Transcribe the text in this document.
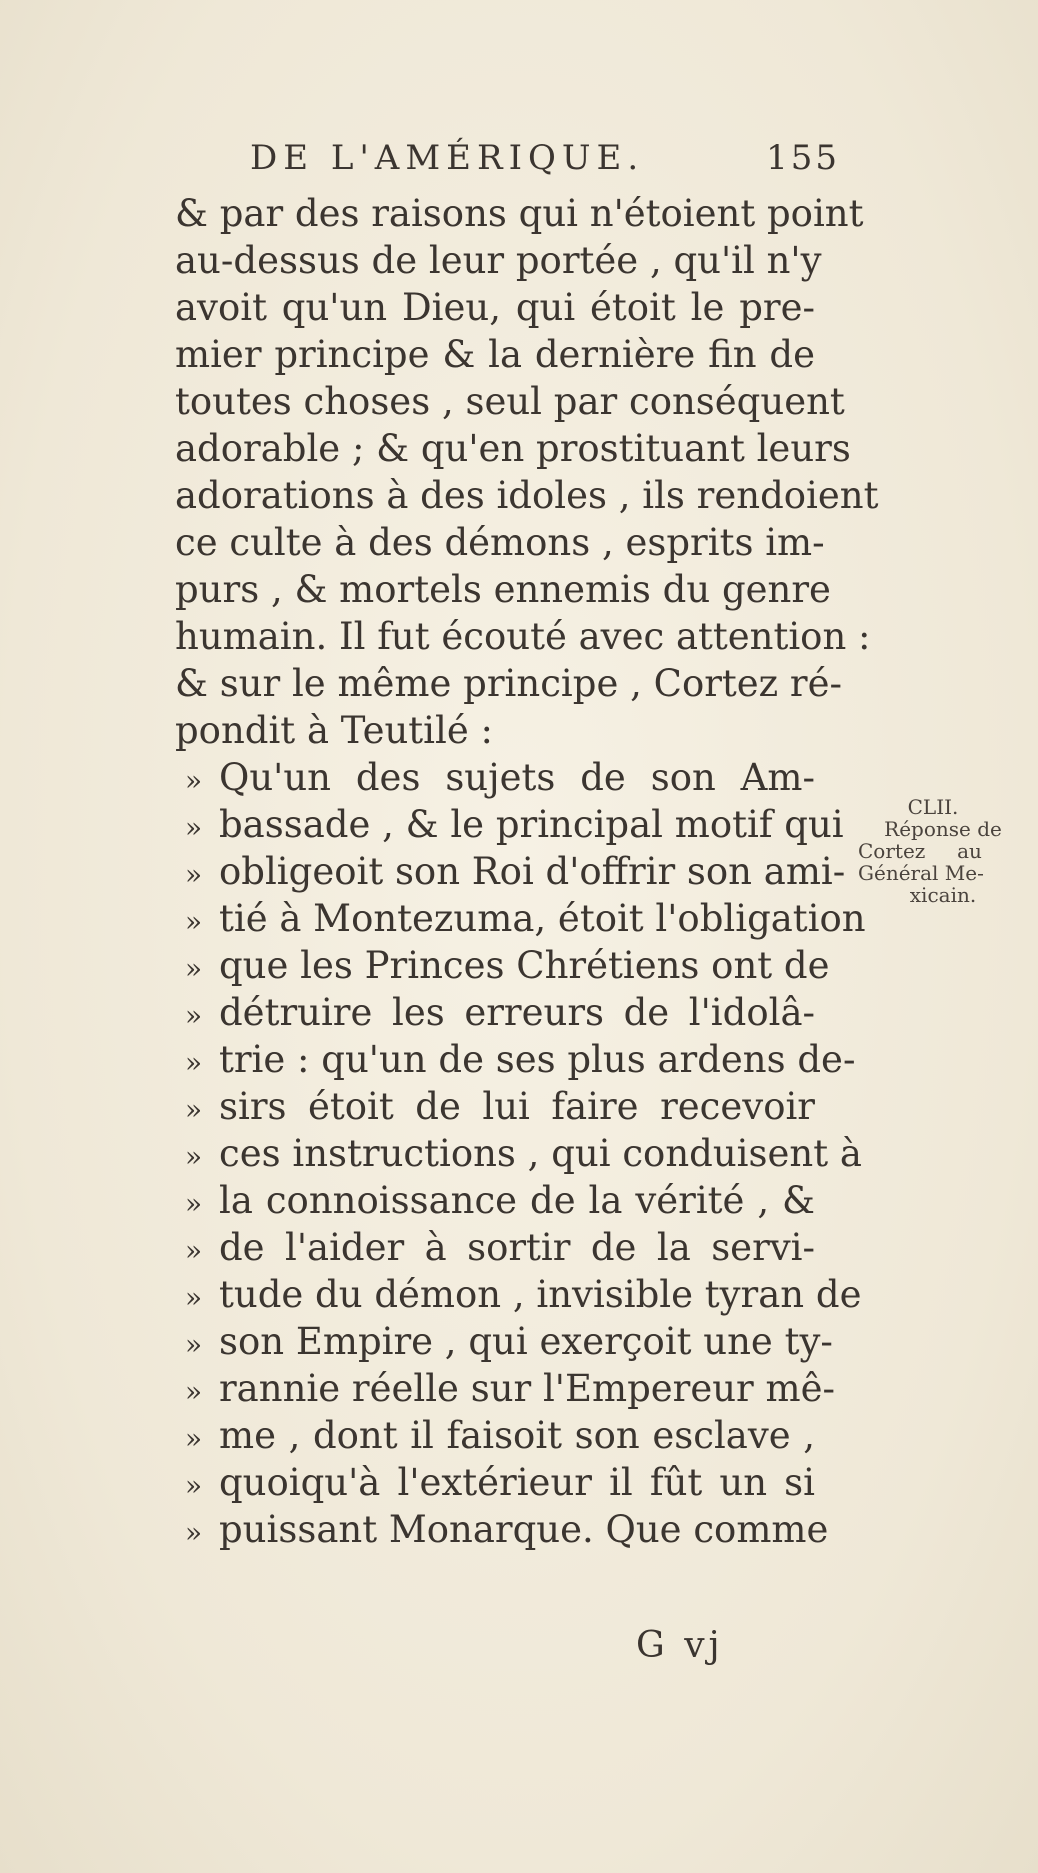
DE L'AMÉRIQUE.	155
& par des raisons qui n'étoient point
au-dessus de leur portée , qu'il n'y
avoit qu'un Dieu, qui étoit le pre-
mier principe & la dernière fin de
toutes choses , seul par conséquent
adorable ; & qu'en prostituant leurs
adorations à des idoles , ils rendoient
ce culte à des démons , esprits im-
purs , & mortels ennemis du genre
humain. Il fut écouté avec attention :
& sur le même principe , Cortez ré-
pondit à Teutilé :
» Qu'un des sujets de son Am-
» bassade , & le principal motif qui
» obligeoit son Roi d'offrir son ami-
» tié à Montezuma, étoit l'obligation
» que les Princes Chrétiens ont de
» détruire les erreurs de l'idolâ-
» trie : qu'un de ses plus ardens de-
» sirs étoit de lui faire recevoir
» ces instructions , qui conduisent à
» la connoissance de la vérité , &
» de l'aider à sortir de la servi-
» tude du démon , invisible tyran de
» son Empire , qui exerçoit une ty-
» rannie réelle sur l'Empereur mê-
» me , dont il faisoit son esclave ,
» quoiqu'à l'extérieur il fût un si
» puissant Monarque. Que comme
CLII.
Réponse de
Cortez     au
Général Me-
xicain.
G vj
